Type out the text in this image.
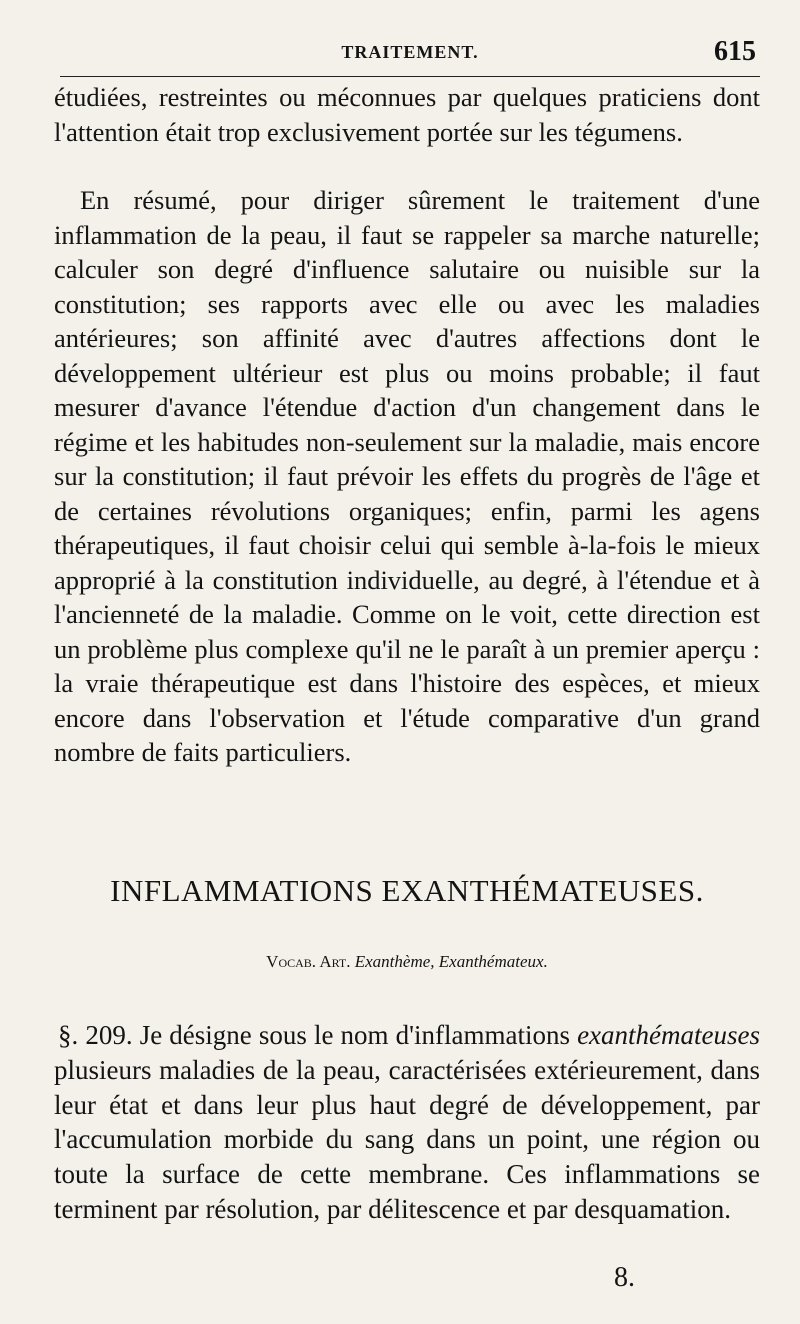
TRAITEMENT.	615

étudiées, restreintes ou méconnues par quelques praticiens dont l'attention était trop exclusivement portée sur les tégumens.

En résumé, pour diriger sûrement le traitement d'une inflammation de la peau, il faut se rappeler sa marche naturelle; calculer son degré d'influence salutaire ou nuisible sur la constitution; ses rapports avec elle ou avec les maladies antérieures; son affinité avec d'autres affections dont le développement ultérieur est plus ou moins probable; il faut mesurer d'avance l'étendue d'action d'un changement dans le régime et les habitudes non-seulement sur la maladie, mais encore sur la constitution; il faut prévoir les effets du progrès de l'âge et de certaines révolutions organiques; enfin, parmi les agens thérapeutiques, il faut choisir celui qui semble à-la-fois le mieux approprié à la constitution individuelle, au degré, à l'étendue et à l'ancienneté de la maladie. Comme on le voit, cette direction est un problème plus complexe qu'il ne le paraît à un premier aperçu : la vraie thérapeutique est dans l'histoire des espèces, et mieux encore dans l'observation et l'étude comparative d'un grand nombre de faits particuliers.

INFLAMMATIONS EXANTHÉMATEUSES.
Vocab. Art. Exanthème, Exanthémateux.

§. 209. Je désigne sous le nom d'inflammations exanthémateuses plusieurs maladies de la peau, caractérisées extérieurement, dans leur état et dans leur plus haut degré de développement, par l'accumulation morbide du sang dans un point, une région ou toute la surface de cette membrane. Ces inflammations se terminent par résolution, par délitescence et par desquamation.

8.
